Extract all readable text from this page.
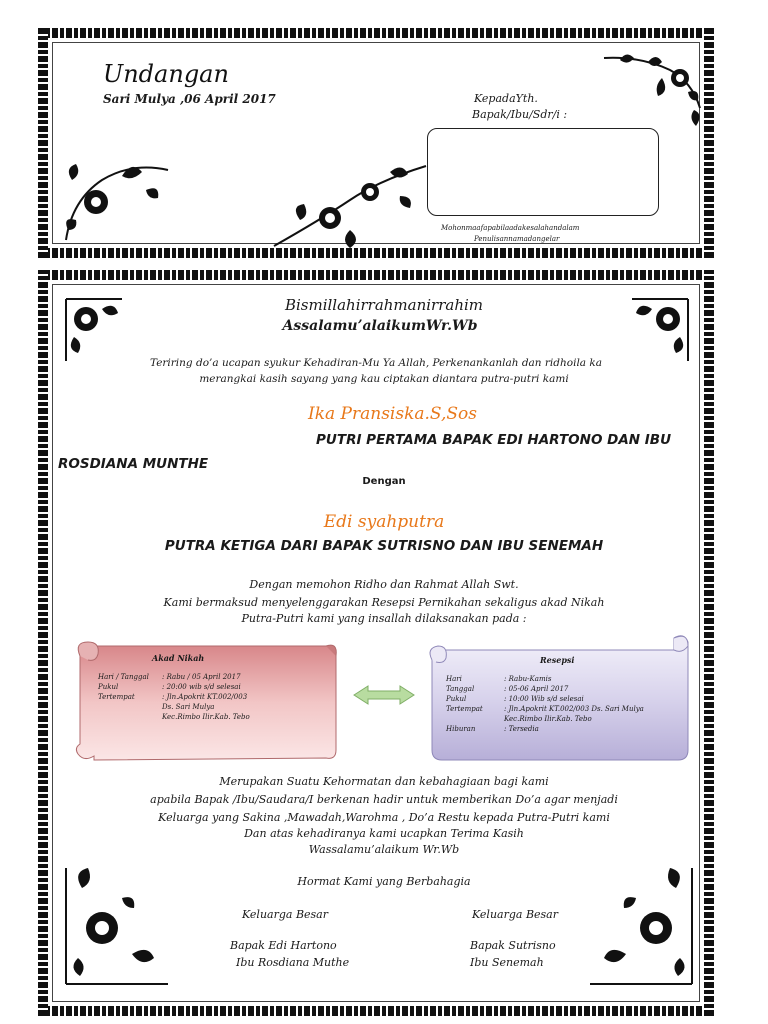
Undangan
Sari Mulya ,06 April 2017	KepadaYth.
Bapak/Ibu/Sdr/i :
Mohonmaafapabilaadakesalahandalam
Penulisannamadangelar
Bismillahirrahmanirrahim
Assalamu’alaikumWr.Wb
Teriring do’a ucapan syukur Kehadiran-Mu Ya Allah, Perkenankanlah dan ridhoila ka
merangkai kasih sayang yang kau ciptakan diantara putra-putri kami
Ika Pransiska.S,Sos
PUTRI PERTAMA BAPAK EDI HARTONO DAN IBU
ROSDIANA MUNTHE
Dengan
Edi syahputra
PUTRA KETIGA DARI BAPAK SUTRISNO DAN IBU SENEMAH
Dengan memohon Ridho dan Rahmat Allah Swt.
Kami bermaksud menyelenggarakan Resepsi Pernikahan sekaligus akad Nikah
Putra-Putri kami yang insallah dilaksanakan pada :
Akad Nikah
Hari / Tanggal	: Rabu / 05 April 2017
Pukul	: 20:00 wib s/d selesai
Tertempat	: Jln.Apokrit KT.002/003
Ds. Sari Mulya
Kec.Rimbo Ilir.Kab. Tebo
Resepsi
Hari	: Rabu-Kamis
Tanggal	: 05-06 April 2017
Pukul	: 10:00 Wib s/d selesai
Tertempat	: Jln.Apokrit KT.002/003 Ds. Sari Mulya
Kec.Rimbo Ilir.Kab. Tebo
Hiburan	: Tersedia
Merupakan Suatu Kehormatan dan kebahagiaan bagi kami
apabila Bapak /Ibu/Saudara/I berkenan hadir untuk memberikan Do’a agar menjadi
Keluarga yang Sakina ,Mawadah,Warohma , Do’a Restu kepada Putra-Putri kami
Dan atas kehadiranya kami ucapkan Terima Kasih
Wassalamu’alaikum Wr.Wb
Hormat Kami yang Berbahagia
Keluarga Besar
Bapak Edi Hartono
Ibu Rosdiana Muthe
Keluarga Besar
Bapak Sutrisno
Ibu Senemah
